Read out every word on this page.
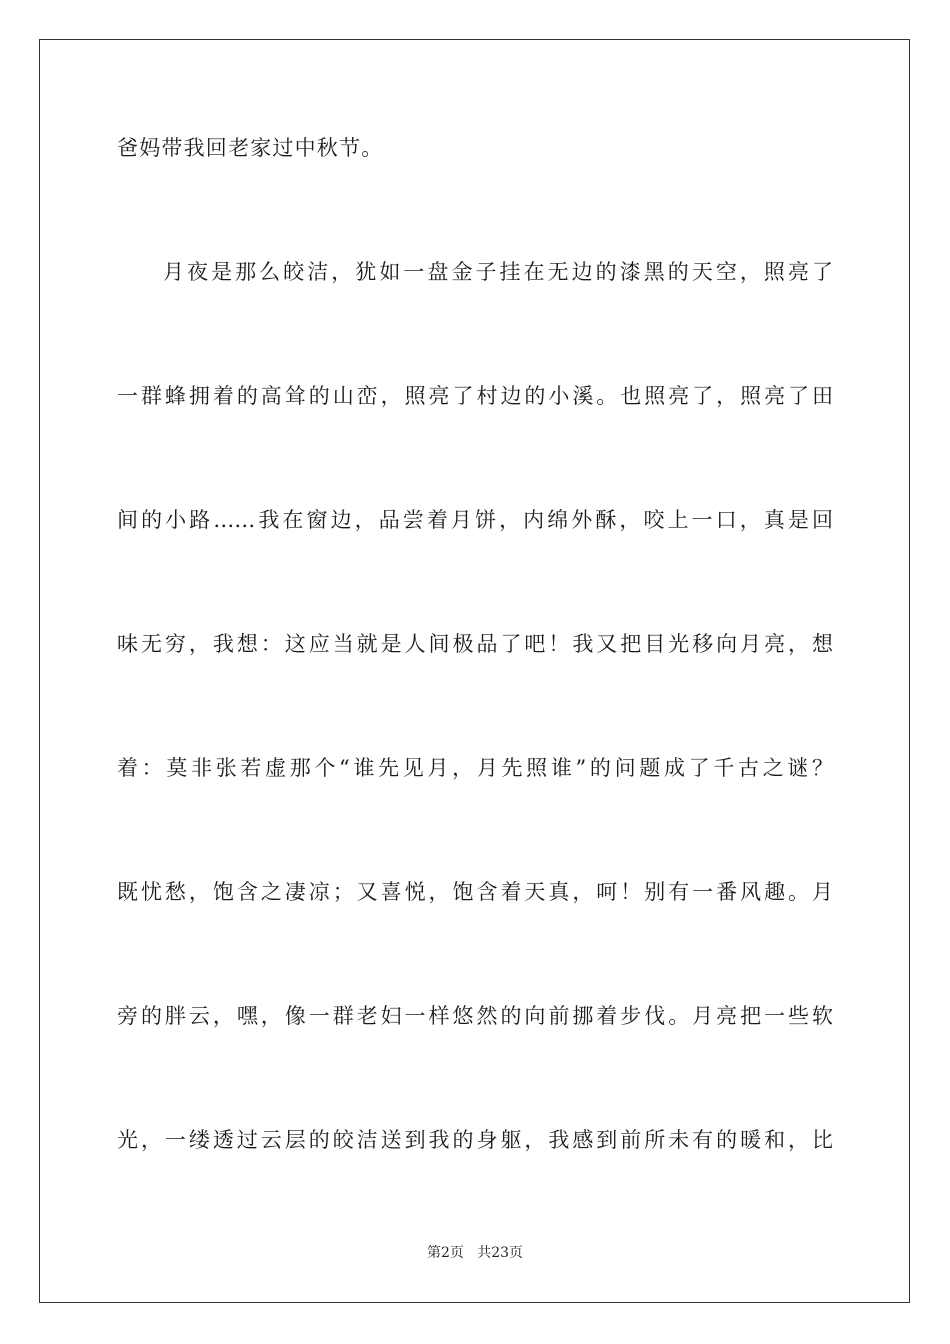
爸妈带我回老家过中秋节。
月夜是那么皎洁，犹如一盘金子挂在无边的漆黑的天空，照亮了
一群蜂拥着的高耸的山峦，照亮了村边的小溪。也照亮了，照亮了田
间的小路……我在窗边，品尝着月饼，内绵外酥，咬上一口，真是回
味无穷，我想：这应当就是人间极品了吧！我又把目光移向月亮，想
着：莫非张若虚那个“谁先见月，月先照谁”的问题成了千古之谜？
既忧愁，饱含之凄凉；又喜悦，饱含着天真，呵！别有一番风趣。月
旁的胖云，嘿，像一群老妇一样悠然的向前挪着步伐。月亮把一些软
光，一缕透过云层的皎洁送到我的身躯，我感到前所未有的暖和，比
第2页   共23页
